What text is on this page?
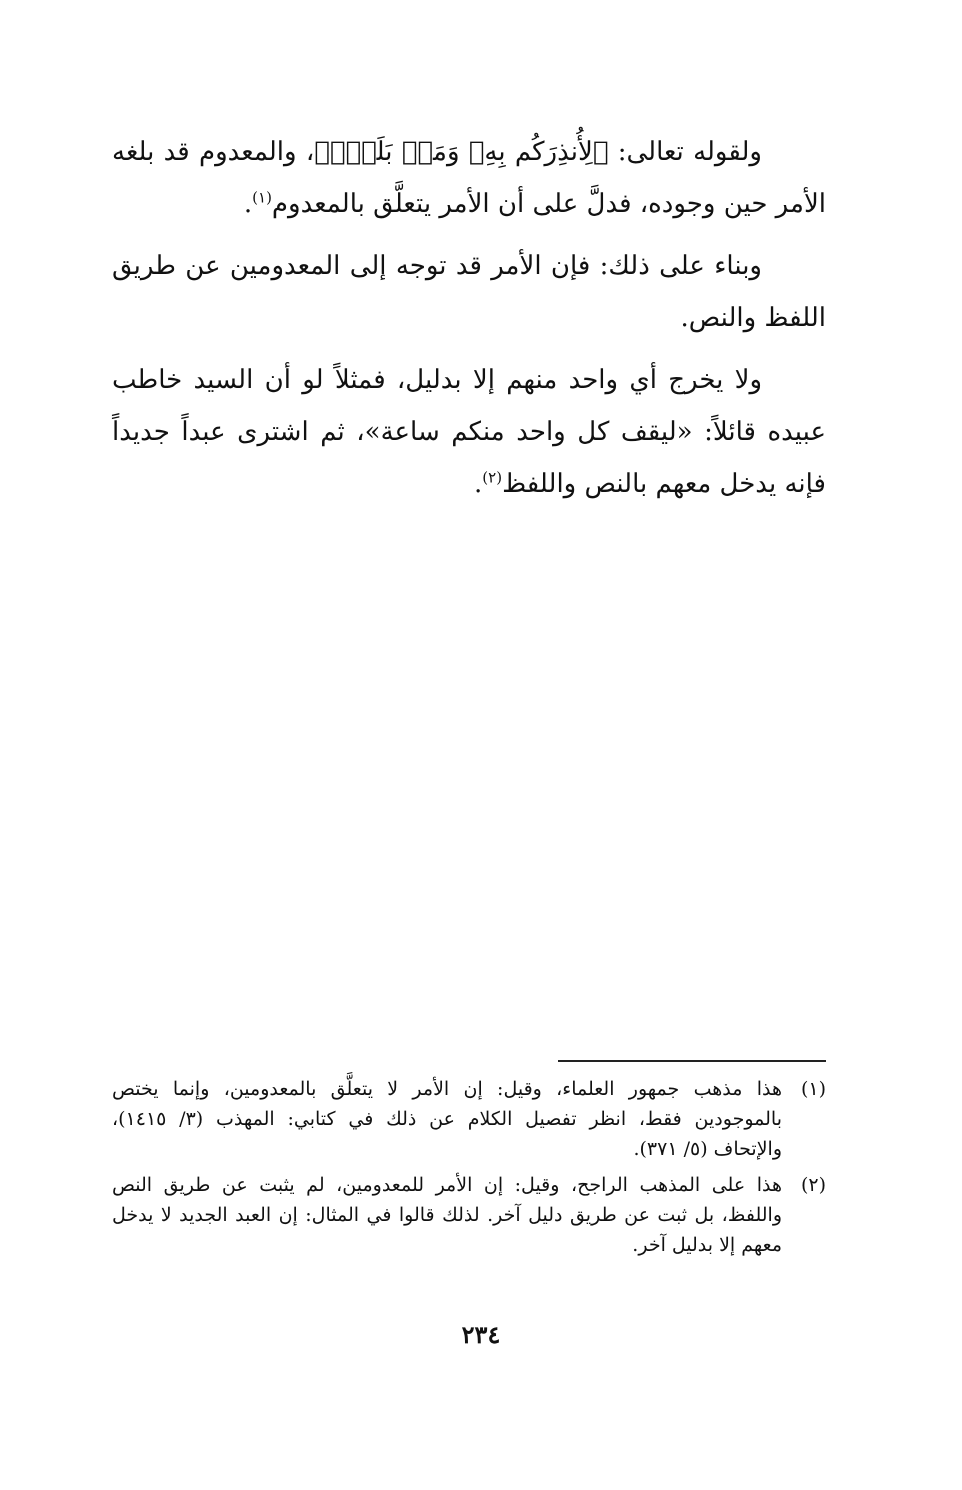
ولقوله تعالى: ﴿لِأُنذِرَكُم بِهِۦ وَمَنۢ بَلَغَۚ﴾، والمعدوم قد بلغه الأمر حين وجوده، فدلَّ على أن الأمر يتعلَّق بالمعدوم$^{(١)}$.

وبناء على ذلك: فإن الأمر قد توجه إلى المعدومين عن طريق اللفظ والنص.

ولا يخرج أي واحد منهم إلا بدليل، فمثلاً لو أن السيد خاطب عبيده قائلاً: «ليقف كل واحد منكم ساعة»، ثم اشترى عبداً جديداً فإنه يدخل معهم بالنص واللفظ$^{(٢)}$.

(١)
هذا مذهب جمهور العلماء، وقيل: إن الأمر لا يتعلَّق بالمعدومين، وإنما يختص بالموجودين فقط، انظر تفصيل الكلام عن ذلك في كتابي: المهذب (٣/ ١٤١٥)، والإتحاف (٥/ ٣٧١).
(٢)
هذا على المذهب الراجح، وقيل: إن الأمر للمعدومين، لم يثبت عن طريق النص واللفظ، بل ثبت عن طريق دليل آخر. لذلك قالوا في المثال: إن العبد الجديد لا يدخل معهم إلا بدليل آخر.
٢٣٤
